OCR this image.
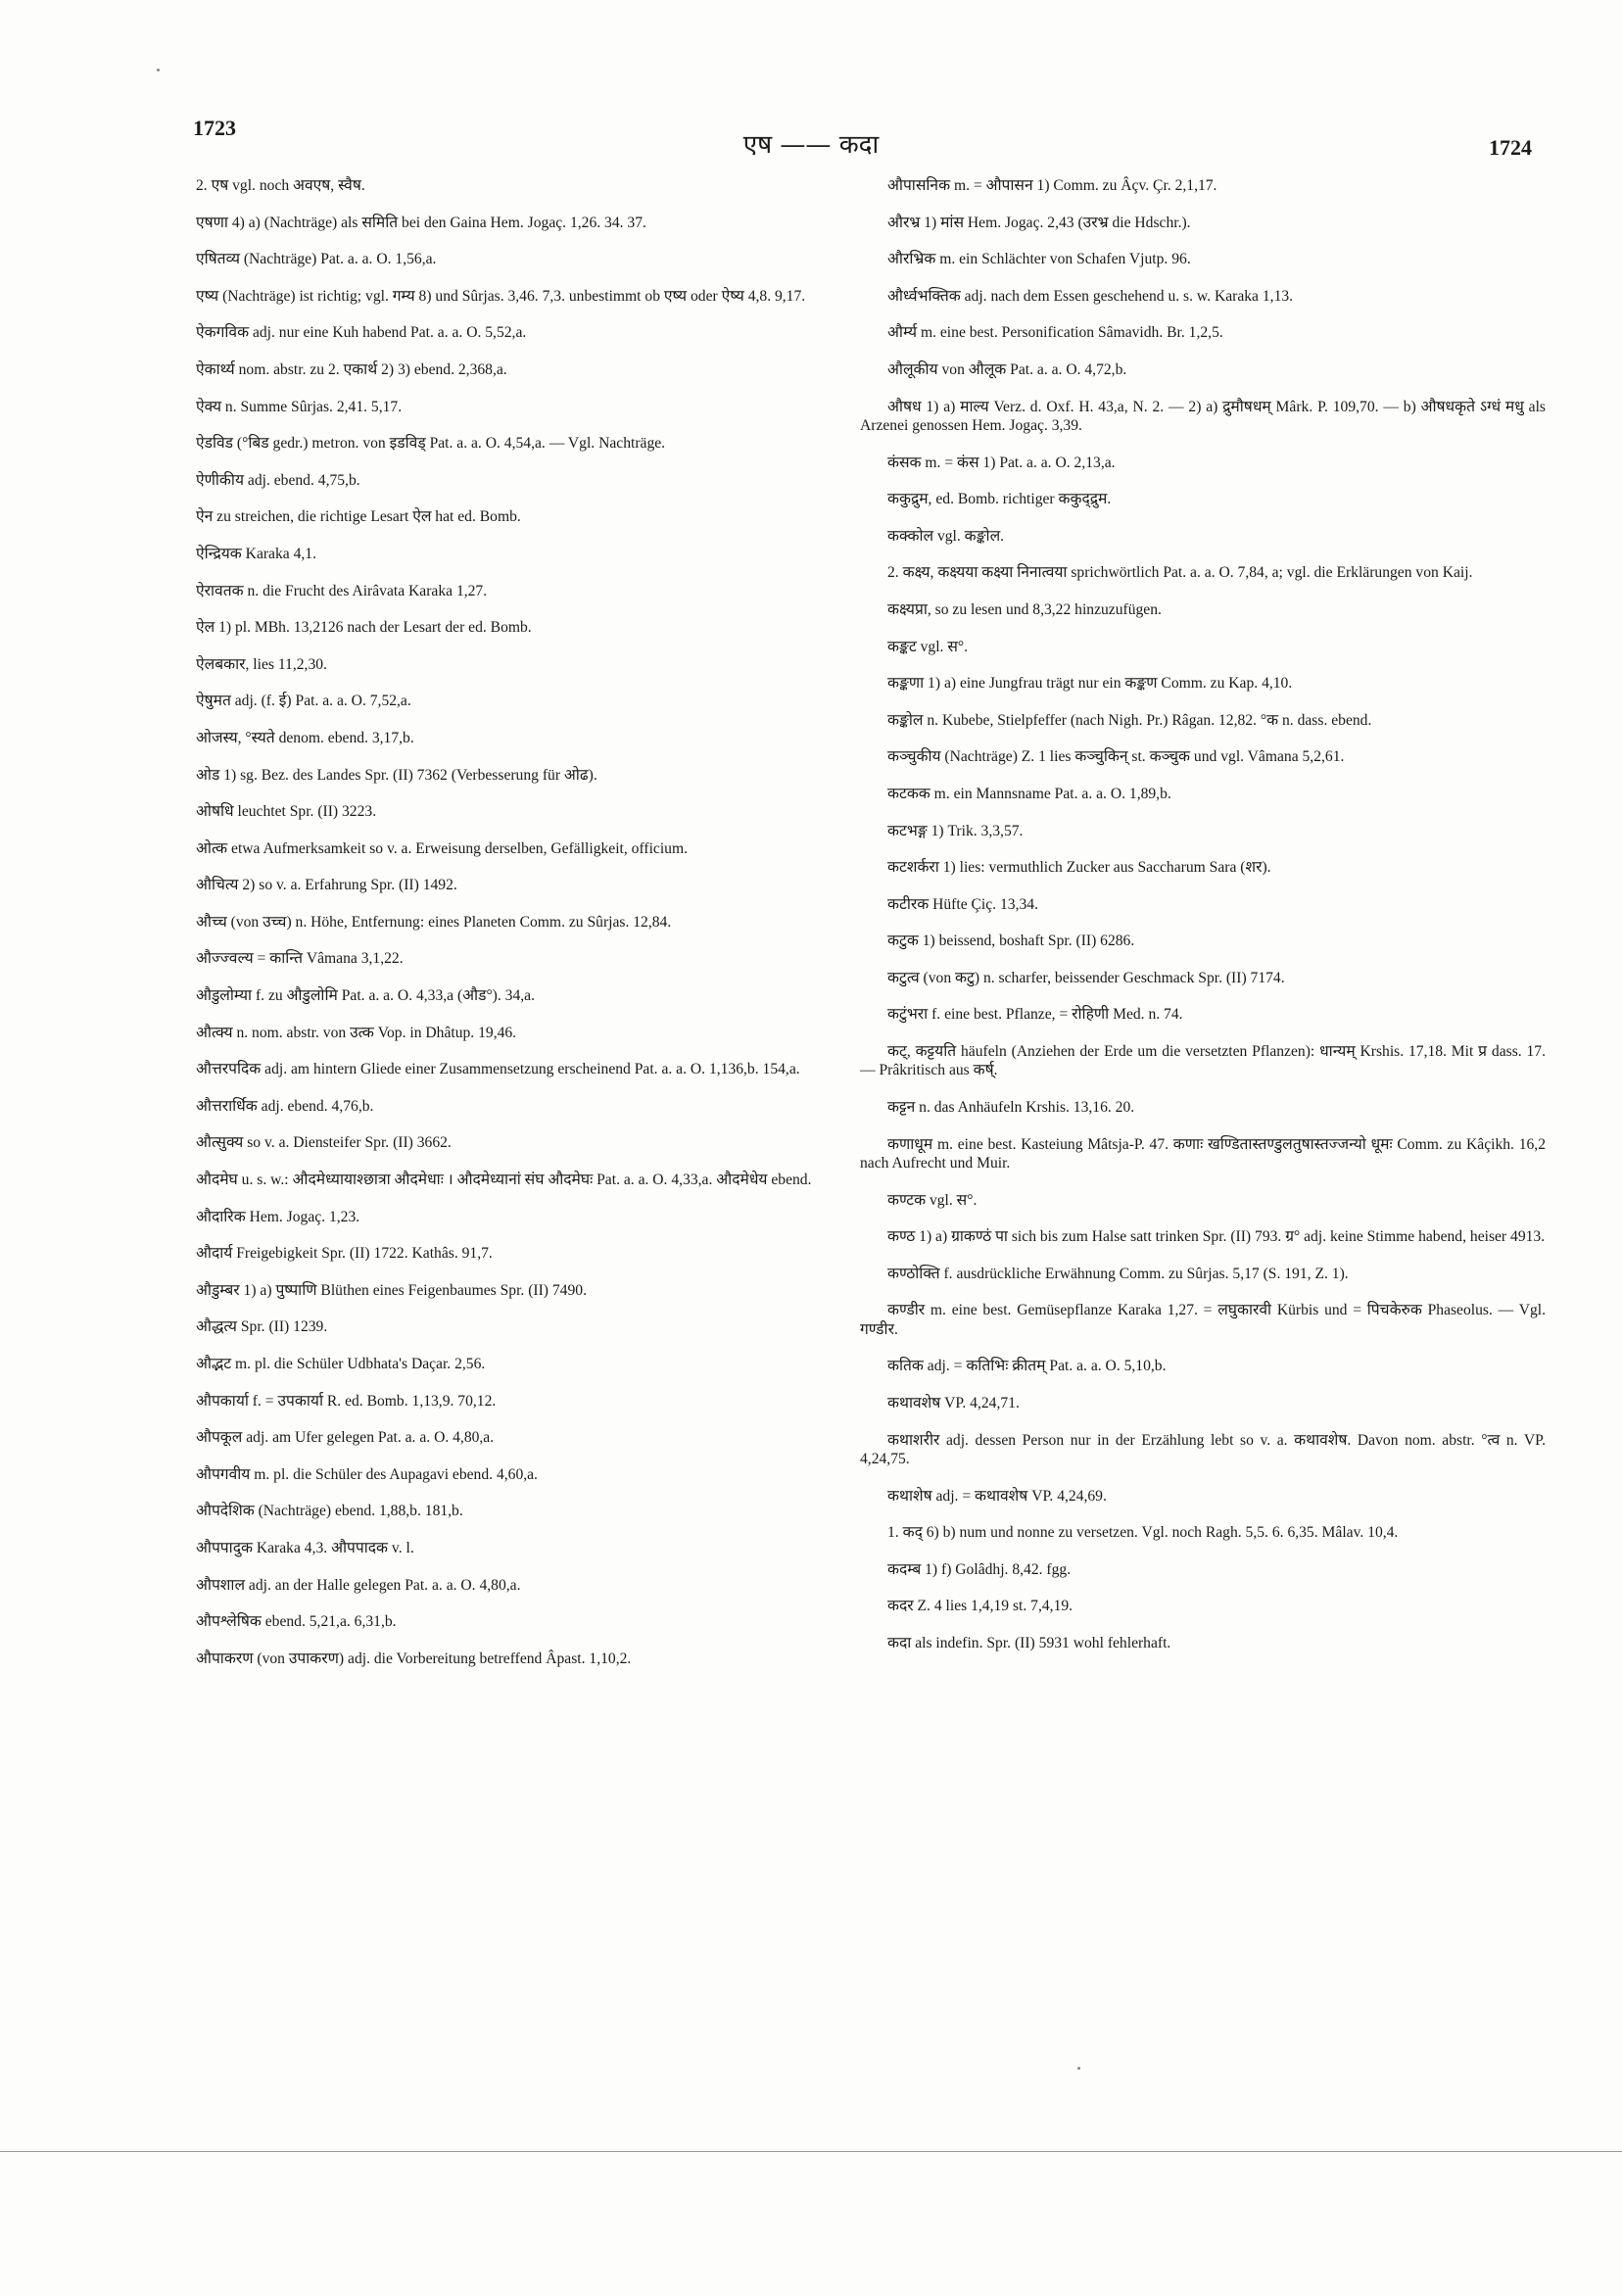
1723
एष —— कदा	1724

2. एष vgl. noch अवएष, स्वैष.

एषणा 4) a) (Nachträge) als समिति bei den Gaina Hem. Jogaç. 1,26. 34. 37.

एषितव्य (Nachträge) Pat. a. a. O. 1,56,a.

एष्य (Nachträge) ist richtig; vgl. गम्य 8) und Sûrjas. 3,46. 7,3. unbestimmt ob एष्य oder ऐष्य 4,8. 9,17.

ऐकगविक adj. nur eine Kuh habend Pat. a. a. O. 5,52,a.

ऐकार्थ्य nom. abstr. zu 2. एकार्थ 2) 3) ebend. 2,368,a.

ऐक्य n. Summe Sûrjas. 2,41. 5,17.

ऐडविड (°बिड gedr.) metron. von इडविड् Pat. a. a. O. 4,54,a. — Vgl. Nachträge.

ऐणीकीय adj. ebend. 4,75,b.

ऐन zu streichen, die richtige Lesart ऐल hat ed. Bomb.

ऐन्द्रियक Karaka 4,1.

ऐरावतक n. die Frucht des Airâvata Karaka 1,27.

ऐल 1) pl. MBh. 13,2126 nach der Lesart der ed. Bomb.

ऐलबकार, lies 11,2,30.

ऐषुमत adj. (f. ई) Pat. a. a. O. 7,52,a.

ओजस्य, °स्यते denom. ebend. 3,17,b.

ओड 1) sg. Bez. des Landes Spr. (II) 7362 (Verbesserung für ओढ).

ओषधि leuchtet Spr. (II) 3223.

ओत्क etwa Aufmerksamkeit so v. a. Erweisung derselben, Gefälligkeit, officium.

औचित्य 2) so v. a. Erfahrung Spr. (II) 1492.

औच्च (von उच्च) n. Höhe, Entfernung: eines Planeten Comm. zu Sûrjas. 12,84.

औज्ज्वल्य = कान्ति Vâmana 3,1,22.

औडुलोम्या f. zu औडुलोमि Pat. a. a. O. 4,33,a (औड°). 34,a.

औत्क्य n. nom. abstr. von उत्क Vop. in Dhâtup. 19,46.

औत्तरपदिक adj. am hintern Gliede einer Zusammensetzung erscheinend Pat. a. a. O. 1,136,b. 154,a.

औत्तरार्धिक adj. ebend. 4,76,b.

औत्सुक्य so v. a. Diensteifer Spr. (II) 3662.

औदमेघ u. s. w.: औदमेध्यायाश्छात्रा औदमेधाः । औदमेध्यानां संघ औदमेघः Pat. a. a. O. 4,33,a. औदमेधेय ebend.

औदारिक Hem. Jogaç. 1,23.

औदार्य Freigebigkeit Spr. (II) 1722. Kathâs. 91,7.

औडुम्बर 1) a) पुष्पाणि Blüthen eines Feigenbaumes Spr. (II) 7490.

औद्धत्य Spr. (II) 1239.

औद्भट m. pl. die Schüler Udbhata's Daçar. 2,56.

औपकार्या f. = उपकार्या R. ed. Bomb. 1,13,9. 70,12.

औपकूल adj. am Ufer gelegen Pat. a. a. O. 4,80,a.

औपगवीय m. pl. die Schüler des Aupagavi ebend. 4,60,a.

औपदेशिक (Nachträge) ebend. 1,88,b. 181,b.

औपपादुक Karaka 4,3. औपपादक v. l.

औपशाल adj. an der Halle gelegen Pat. a. a. O. 4,80,a.

औपश्लेषिक ebend. 5,21,a. 6,31,b.

औपाकरण (von उपाकरण) adj. die Vorbereitung betreffend Âpast. 1,10,2.

औपासनिक m. = औपासन 1) Comm. zu Âçv. Çr. 2,1,17.

औरभ्र 1) मांस Hem. Jogaç. 2,43 (उरभ्र die Hdschr.).

औरभ्रिक m. ein Schlächter von Schafen Vjutp. 96.

और्ध्वभक्तिक adj. nach dem Essen geschehend u. s. w. Karaka 1,13.

और्म्य m. eine best. Personification Sâmavidh. Br. 1,2,5.

औलूकीय von औलूक Pat. a. a. O. 4,72,b.

औषध 1) a) माल्य Verz. d. Oxf. H. 43,a, N. 2. — 2) a) द्रुमौषधम् Mârk. P. 109,70. — b) औषधकृते ऽग्धं मधु als Arzenei genossen Hem. Jogaç. 3,39.

कंसक m. = कंस 1) Pat. a. a. O. 2,13,a.

ककुद्रुम, ed. Bomb. richtiger ककुद्द्रुम.

कक्कोल vgl. कङ्कोल.

2. कक्ष्य, कक्ष्यया कक्ष्या निनात्वया sprichwörtlich Pat. a. a. O. 7,84, a; vgl. die Erklärungen von Kaij.

कक्ष्यप्रा, so zu lesen und 8,3,22 hinzuzufügen.

कङ्कट vgl. स°.

कङ्कणा 1) a) eine Jungfrau trägt nur ein कङ्कण Comm. zu Kap. 4,10.

कङ्कोल n. Kubebe, Stielpfeffer (nach Nigh. Pr.) Râgan. 12,82. °क n. dass. ebend.

कञ्चुकीय (Nachträge) Z. 1 lies कञ्चुकिन् st. कञ्चुक und vgl. Vâmana 5,2,61.

कटकक m. ein Mannsname Pat. a. a. O. 1,89,b.

कटभङ्ग 1) Trik. 3,3,57.

कटशर्करा 1) lies: vermuthlich Zucker aus Saccharum Sara (शर).

कटीरक Hüfte Çiç. 13,34.

कटुक 1) beissend, boshaft Spr. (II) 6286.

कटुत्व (von कटु) n. scharfer, beissender Geschmack Spr. (II) 7174.

कटुंभरा f. eine best. Pflanze, = रोहिणी Med. n. 74.

कट्, कट्टयति häufeln (Anziehen der Erde um die versetzten Pflanzen): धान्यम् Krshis. 17,18. Mit प्र dass. 17. — Prâkritisch aus कर्ष्.

कट्टन n. das Anhäufeln Krshis. 13,16. 20.

कणाधूम m. eine best. Kasteiung Mâtsja-P. 47. कणाः खण्डितास्तण्डुलतुषास्तज्जन्यो धूमः Comm. zu Kâçikh. 16,2 nach Aufrecht und Muir.

कण्टक vgl. स°.

कण्ठ 1) a) ग्राकण्ठं पा sich bis zum Halse satt trinken Spr. (II) 793. ग्र° adj. keine Stimme habend, heiser 4913.

कण्ठोक्ति f. ausdrückliche Erwähnung Comm. zu Sûrjas. 5,17 (S. 191, Z. 1).

कण्डीर m. eine best. Gemüsepflanze Karaka 1,27. = लघुकारवी Kürbis und = पिचकेरुक Phaseolus. — Vgl. गण्डीर.

कतिक adj. = कतिभिः क्रीतम् Pat. a. a. O. 5,10,b.

कथावशेष VP. 4,24,71.

कथाशरीर adj. dessen Person nur in der Erzählung lebt so v. a. कथावशेष. Davon nom. abstr. °त्व n. VP. 4,24,75.

कथाशेष adj. = कथावशेष VP. 4,24,69.

1. कद् 6) b) num und nonne zu versetzen. Vgl. noch Ragh. 5,5. 6. 6,35. Mâlav. 10,4.

कदम्ब 1) f) Golâdhj. 8,42. fgg.

कदर Z. 4 lies 1,4,19 st. 7,4,19.

कदा als indefin. Spr. (II) 5931 wohl fehlerhaft.
